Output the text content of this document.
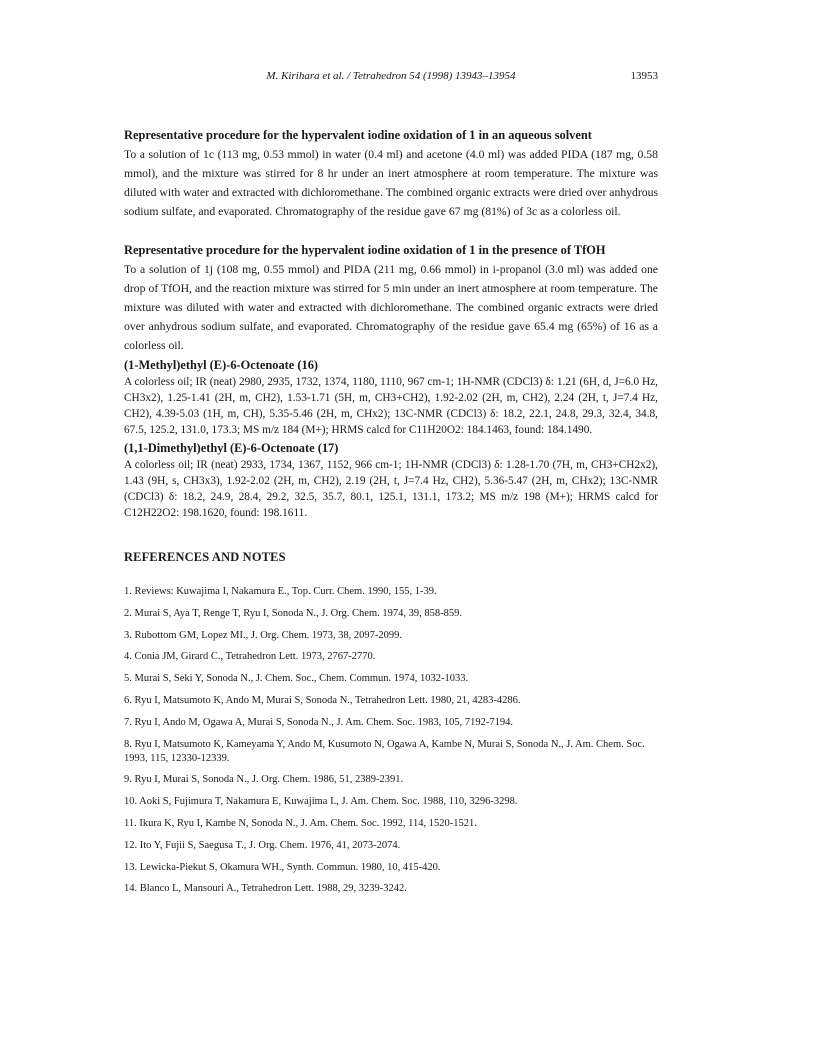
M. Kirihara et al. / Tetrahedron 54 (1998) 13943–13954	13953
Representative procedure for the hypervalent iodine oxidation of 1 in an aqueous solvent
To a solution of 1c (113 mg, 0.53 mmol) in water (0.4 ml) and acetone (4.0 ml) was added PIDA (187 mg, 0.58 mmol), and the mixture was stirred for 8 hr under an inert atmosphere at room temperature. The mixture was diluted with water and extracted with dichloromethane. The combined organic extracts were dried over anhydrous sodium sulfate, and evaporated. Chromatography of the residue gave 67 mg (81%) of 3c as a colorless oil.
Representative procedure for the hypervalent iodine oxidation of 1 in the presence of TfOH
To a solution of 1j (108 mg, 0.55 mmol) and PIDA (211 mg, 0.66 mmol) in i-propanol (3.0 ml) was added one drop of TfOH, and the reaction mixture was stirred for 5 min under an inert atmosphere at room temperature. The mixture was diluted with water and extracted with dichloromethane. The combined organic extracts were dried over anhydrous sodium sulfate, and evaporated. Chromatography of the residue gave 65.4 mg (65%) of 16 as a colorless oil.
(1-Methyl)ethyl (E)-6-Octenoate (16)
A colorless oil; IR (neat) 2980, 2935, 1732, 1374, 1180, 1110, 967 cm-1; 1H-NMR (CDCl3) δ: 1.21 (6H, d, J=6.0 Hz, CH3x2), 1.25-1.41 (2H, m, CH2), 1.53-1.71 (5H, m, CH3+CH2), 1.92-2.02 (2H, m, CH2), 2.24 (2H, t, J=7.4 Hz, CH2), 4.39-5.03 (1H, m, CH), 5.35-5.46 (2H, m, CHx2); 13C-NMR (CDCl3) δ: 18.2, 22.1, 24.8, 29.3, 32.4, 34.8, 67.5, 125.2, 131.0, 173.3; MS m/z 184 (M+); HRMS calcd for C11H20O2: 184.1463, found: 184.1490.
(1,1-Dimethyl)ethyl (E)-6-Octenoate (17)
A colorless oil; IR (neat) 2933, 1734, 1367, 1152, 966 cm-1; 1H-NMR (CDCl3) δ: 1.28-1.70 (7H, m, CH3+CH2x2), 1.43 (9H, s, CH3x3), 1.92-2.02 (2H, m, CH2), 2.19 (2H, t, J=7.4 Hz, CH2), 5.36-5.47 (2H, m, CHx2); 13C-NMR (CDCl3) δ: 18.2, 24.9, 28.4, 29.2, 32.5, 35.7, 80.1, 125.1, 131.1, 173.2; MS m/z 198 (M+); HRMS calcd for C12H22O2: 198.1620, found: 198.1611.
REFERENCES AND NOTES
1. Reviews: Kuwajima I, Nakamura E., Top. Curr. Chem. 1990, 155, 1-39.
2. Murai S, Aya T, Renge T, Ryu I, Sonoda N., J. Org. Chem. 1974, 39, 858-859.
3. Rubottom GM, Lopez MI., J. Org. Chem. 1973, 38, 2097-2099.
4. Conia JM, Girard C., Tetrahedron Lett. 1973, 2767-2770.
5. Murai S, Seki Y, Sonoda N., J. Chem. Soc., Chem. Commun. 1974, 1032-1033.
6. Ryu I, Matsumoto K, Ando M, Murai S, Sonoda N., Tetrahedron Lett. 1980, 21, 4283-4286.
7. Ryu I, Ando M, Ogawa A, Murai S, Sonoda N., J. Am. Chem. Soc. 1983, 105, 7192-7194.
8. Ryu I, Matsumoto K, Kameyama Y, Ando M, Kusumoto N, Ogawa A, Kambe N, Murai S, Sonoda N., J. Am. Chem. Soc. 1993, 115, 12330-12339.
9. Ryu I, Murai S, Sonoda N., J. Org. Chem. 1986, 51, 2389-2391.
10. Aoki S, Fujimura T, Nakamura E, Kuwajima I., J. Am. Chem. Soc. 1988, 110, 3296-3298.
11. Ikura K, Ryu I, Kambe N, Sonoda N., J. Am. Chem. Soc. 1992, 114, 1520-1521.
12. Ito Y, Fujii S, Saegusa T., J. Org. Chem. 1976, 41, 2073-2074.
13. Lewicka-Piekut S, Okamura WH., Synth. Commun. 1980, 10, 415-420.
14. Blanco L, Mansouri A., Tetrahedron Lett. 1988, 29, 3239-3242.
